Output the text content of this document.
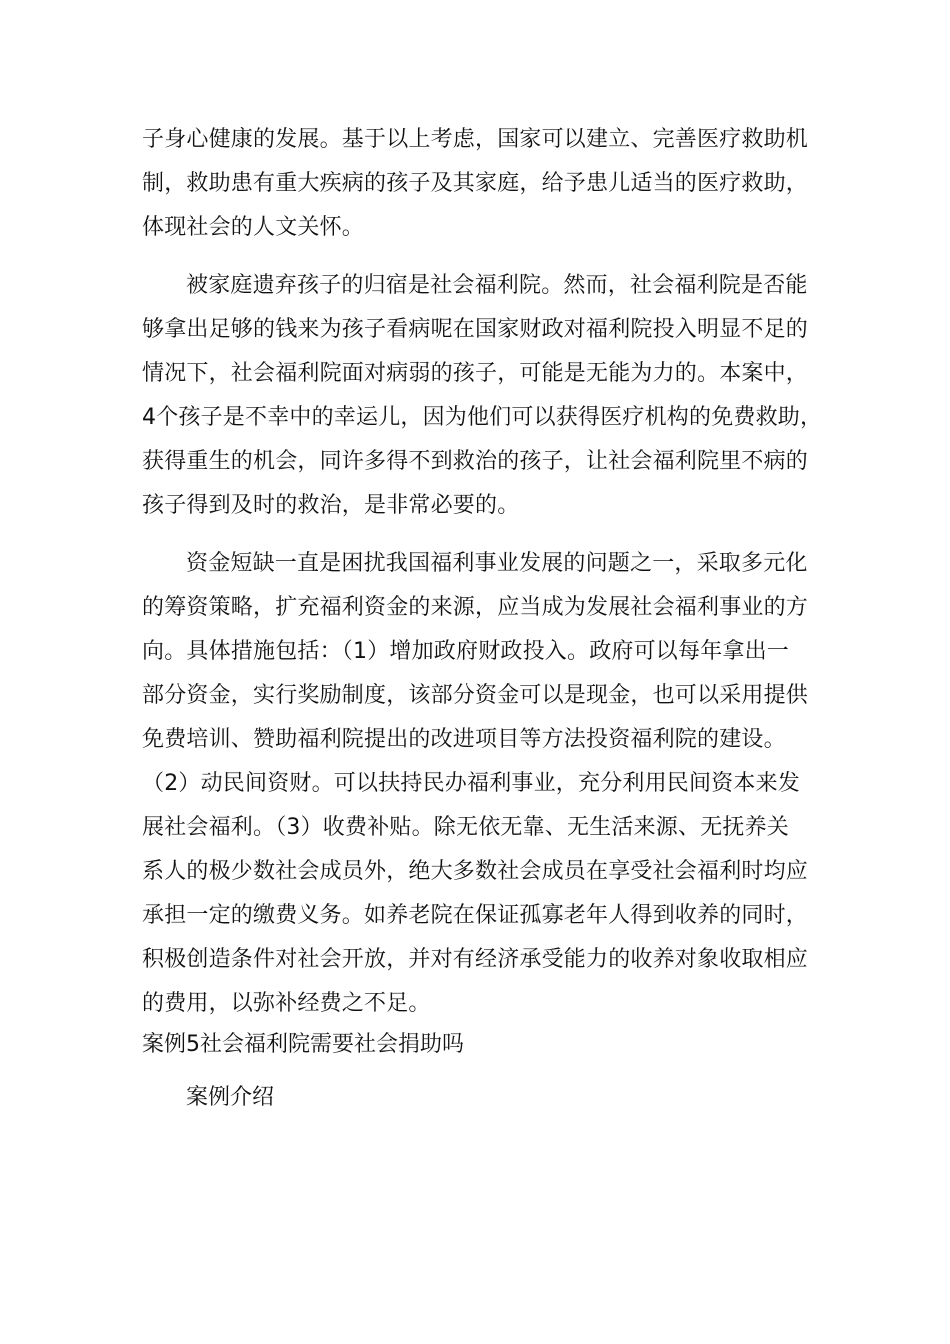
子身心健康的发展。基于以上考虑，国家可以建立、完善医疗救助机
制，救助患有重大疾病的孩子及其家庭，给予患儿适当的医疗救助，
体现社会的人文关怀。
被家庭遗弃孩子的归宿是社会福利院。然而，社会福利院是否能
够拿出足够的钱来为孩子看病呢在国家财政对福利院投入明显不足的
情况下，社会福利院面对病弱的孩子，可能是无能为力的。本案中，
4个孩子是不幸中的幸运儿，因为他们可以获得医疗机构的免费救助，
获得重生的机会，同许多得不到救治的孩子，让社会福利院里不病的
孩子得到及时的救治，是非常必要的。
资金短缺一直是困扰我国福利事业发展的问题之一，采取多元化
的筹资策略，扩充福利资金的来源，应当成为发展社会福利事业的方
向。具体措施包括：（1）增加政府财政投入。政府可以每年拿出一
部分资金，实行奖励制度，该部分资金可以是现金，也可以采用提供
免费培训、赞助福利院提出的改进项目等方法投资福利院的建设。
（2）动民间资财。可以扶持民办福利事业，充分利用民间资本来发
展社会福利。（3）收费补贴。除无依无靠、无生活来源、无抚养关
系人的极少数社会成员外，绝大多数社会成员在享受社会福利时均应
承担一定的缴费义务。如养老院在保证孤寡老年人得到收养的同时，
积极创造条件对社会开放，并对有经济承受能力的收养对象收取相应
的费用，以弥补经费之不足。
案例5社会福利院需要社会捐助吗
案例介绍
